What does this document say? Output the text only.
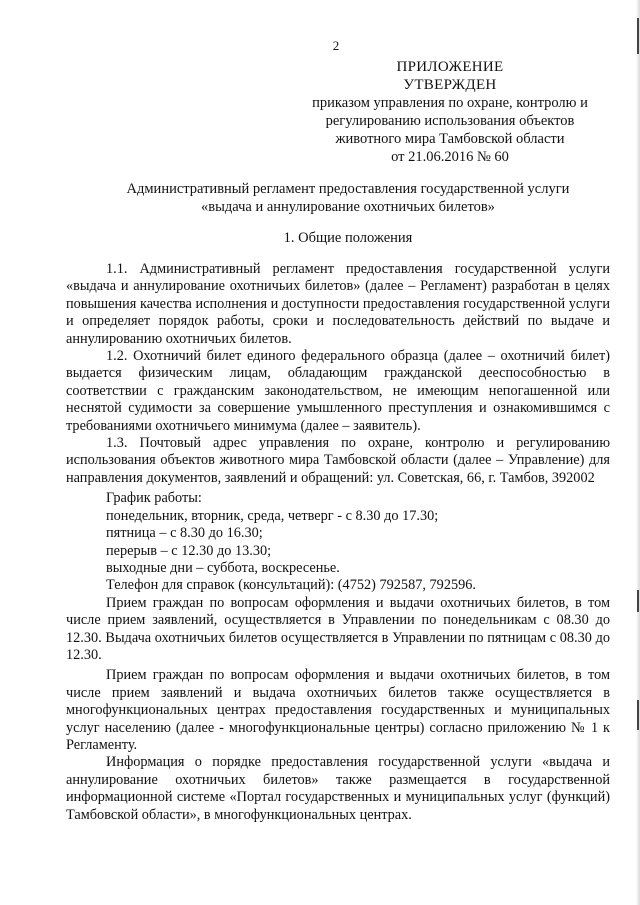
2
ПРИЛОЖЕНИЕ
УТВЕРЖДЕН
приказом управления по охране, контролю и
регулированию использования объектов
животного мира Тамбовской области
от 21.06.2016 № 60
Административный регламент предоставления государственной услуги
«выдача и аннулирование охотничьих билетов»
1. Общие положения

1.1. Административный регламент предоставления государственной услуги «выдача и аннулирование охотничьих билетов» (далее – Регламент) разработан в целях повышения качества исполнения и доступности предоставления государственной услуги и определяет порядок работы, сроки и последовательность действий по выдаче и аннулированию охотничьих билетов.

1.2. Охотничий билет единого федерального образца (далее – охотничий билет) выдается физическим лицам, обладающим гражданской дееспособностью в соответствии с гражданским законодательством, не имеющим непогашенной или неснятой судимости за совершение умышленного преступления и ознакомившимся с требованиями охотничьего минимума (далее – заявитель).

1.3. Почтовый адрес управления по охране, контролю и регулированию использования объектов животного мира Тамбовской области (далее – Управление) для направления документов, заявлений и обращений: ул. Советская, 66, г. Тамбов, 392002

График работы:

понедельник, вторник, среда, четверг - с 8.30 до 17.30;

пятница – с 8.30 до 16.30;

перерыв – с 12.30 до 13.30;

выходные дни – суббота, воскресенье.

Телефон для справок (консультаций): (4752) 792587, 792596.

Прием граждан по вопросам оформления и выдачи охотничьих билетов, в том числе прием заявлений, осуществляется в Управлении по понедельникам с 08.30 до 12.30. Выдача охотничьих билетов осуществляется в Управлении по пятницам с 08.30 до 12.30.

Прием граждан по вопросам оформления и выдачи охотничьих билетов, в том числе прием заявлений и выдача охотничьих билетов также осуществляется в многофункциональных центрах предоставления государственных и муниципальных услуг населению (далее - многофункциональные центры) согласно приложению № 1 к Регламенту.

Информация о порядке предоставления государственной услуги «выдача и аннулирование охотничьих билетов» также размещается в государственной информационной системе «Портал государственных и муниципальных услуг (функций) Тамбовской области», в многофункциональных центрах.
